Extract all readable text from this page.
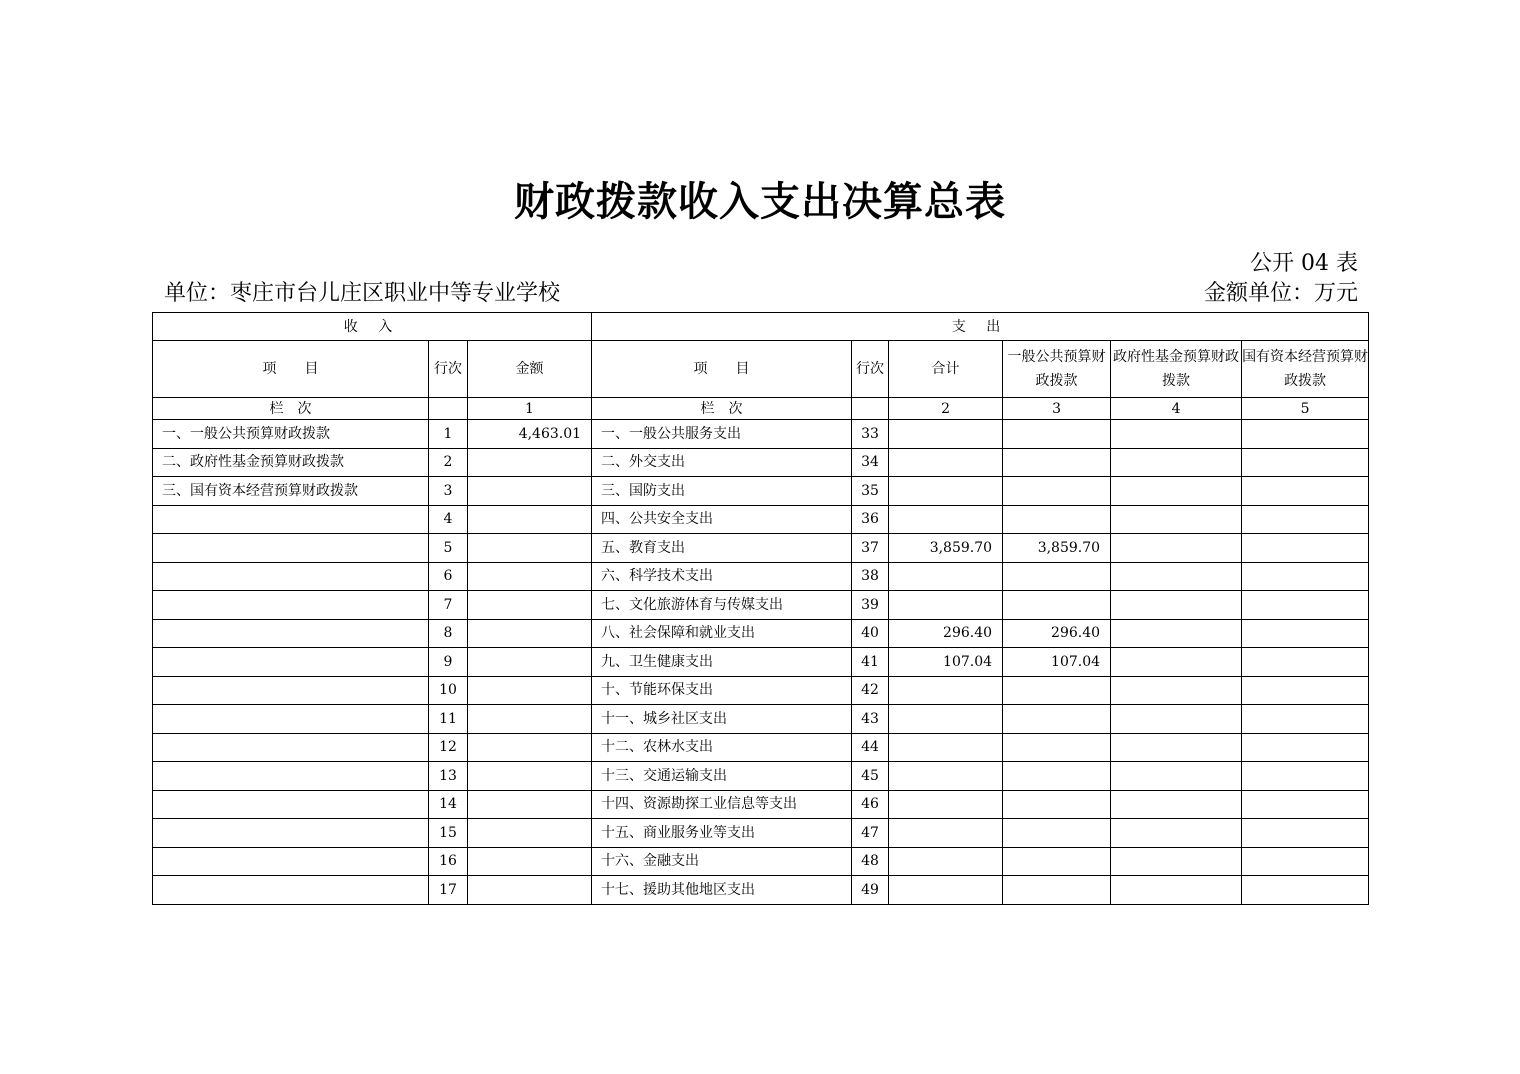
财政拨款收入支出决算总表
公开 04 表
单位：枣庄市台儿庄区职业中等专业学校	金额单位：万元
收 入			支 出					
项　　目	行次	金额	项　　目	行次	合计	一般公共预算财政拨款	政府性基金预算财政拨款	国有资本经营预算财政拨款
栏　次		1	栏　次		2	3	4	5
一、一般公共预算财政拨款	1	4,463.01	一、一般公共服务支出	33				
二、政府性基金预算财政拨款	2		二、外交支出	34				
三、国有资本经营预算财政拨款	3		三、国防支出	35				
	4		四、公共安全支出	36				
	5		五、教育支出	37	3,859.70	3,859.70		
	6		六、科学技术支出	38				
	7		七、文化旅游体育与传媒支出	39				
	8		八、社会保障和就业支出	40	296.40	296.40		
	9		九、卫生健康支出	41	107.04	107.04		
	10		十、节能环保支出	42				
	11		十一、城乡社区支出	43				
	12		十二、农林水支出	44				
	13		十三、交通运输支出	45				
	14		十四、资源勘探工业信息等支出	46				
	15		十五、商业服务业等支出	47				
	16		十六、金融支出	48				
	17		十七、援助其他地区支出	49				
